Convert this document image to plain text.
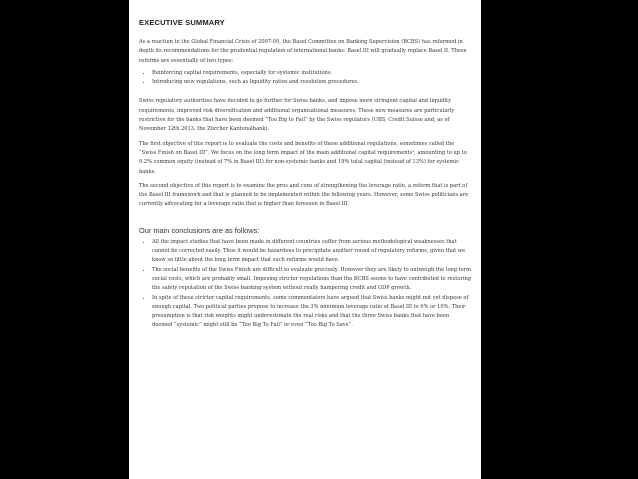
EXECUTIVE SUMMARY

As a reaction to the Global Financial Crisis of 2007-09, the Basel Committee on Banking Supervision (BCBS) has reformed in depth its recommendations for the prudential regulation of international banks: Basel III will gradually replace Basel II. These reforms are essentially of two types:

• Reinforcing capital requirements, especially for systemic institutions.
• Introducing new regulations, such as liquidity ratios and resolution procedures.

Swiss regulatory authorities have decided to go further for Swiss banks, and impose more stringent capital and liquidity requirements, improved risk diversification and additional organisational measures. These new measures are particularly restrictive for the banks that have been deemed “Too Big to Fail” by the Swiss regulators (UBS, Credit Suisse and, as of November 12th 2013, the Zürcher Kantonalbank).

The first objective of this report is to evaluate the costs and benefits of these additional regulations, sometimes called the “Swiss Finish on Basel III”. We focus on the long term impact of the main additional capital requirements¹, amounting to up to 9.2% common equity (instead of 7% in Basel III) for non-systemic banks and 19% total capital (instead of 13%) for systemic banks.

The second objective of this report is to examine the pros and cons of strengthening the leverage ratio, a reform that is part of the Basel III framework and that is planned to be implemented within the following years. However, some Swiss politicians are currently advocating for a leverage ratio that is higher than foreseen in Basel III.

Our main conclusions are as follows:
• All the impact studies that have been made in different countries suffer from serious methodological weaknesses that cannot be corrected easily. Thus it would be hazardous to precipitate another round of regulatory reforms, given that we know so little about the long term impact that such reforms would have.
• The social benefits of the Swiss Finish are difficult to evaluate precisely. However they are likely to outweigh the long term social costs, which are probably small. Imposing stricter regulations than the BCBS seems to have contributed to restoring the safety reputation of the Swiss banking system without really hampering credit and GDP growth.
• In spite of these stricter capital requirements, some commentators have argued that Swiss banks might not yet dispose of enough capital. Two political parties propose to increase the 3% minimum leverage ratio of Basel III to 6% or 10%. Their presumption is that risk weights might underestimate the real risks and that the three Swiss banks that have been deemed “systemic” might still be “Too Big To Fail” or even “Too Big To Save”.
